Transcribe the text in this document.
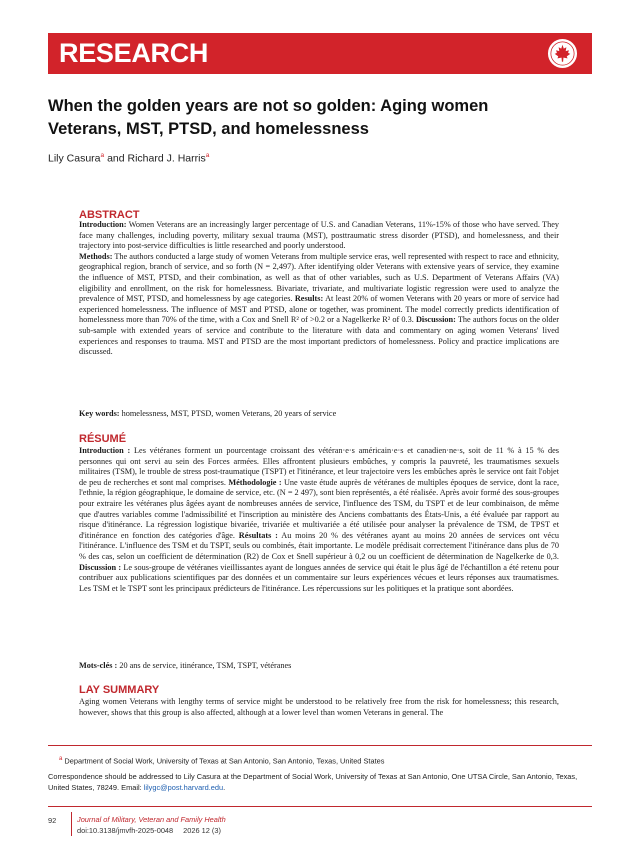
RESEARCH
When the golden years are not so golden: Aging women Veterans, MST, PTSD, and homelessness
Lily Casura$^a$ and Richard J. Harris$^a$
ABSTRACT

Introduction: Women Veterans are an increasingly larger percentage of U.S. and Canadian Veterans, 11%-15% of those who have served. They face many challenges, including poverty, military sexual trauma (MST), posttraumatic stress disorder (PTSD), and homelessness, and their trajectory into post-service difficulties is little researched and poorly understood.
Methods: The authors conducted a large study of women Veterans from multiple service eras, well represented with respect to race and ethnicity, geographical region, branch of service, and so forth (N = 2,497). After identifying older Veterans with extensive years of service, they examine the influence of MST, PTSD, and their combination, as well as that of other variables, such as U.S. Department of Veterans Affairs (VA) eligibility and enrollment, on the risk for homelessness. Bivariate, trivariate, and multivariate logistic regression were used to analyze the prevalence of MST, PTSD, and homelessness by age categories. Results: At least 20% of women Veterans with 20 years or more of service had experienced homelessness. The influence of MST and PTSD, alone or together, was prominent. The model correctly predicts identification of homelessness more than 70% of the time, with a Cox and Snell R² of >0.2 or a Nagelkerke R² of 0.3. Discussion: The authors focus on the older sub-sample with extended years of service and contribute to the literature with data and commentary on aging women Veterans' lived experiences and responses to trauma. MST and PTSD are the most important predictors of homelessness. Policy and practice implications are discussed.

Key words: homelessness, MST, PTSD, women Veterans, 20 years of service
RÉSUMÉ

Introduction : Les vétéranes forment un pourcentage croissant des vétéran·e·s américain·e·s et canadien·ne·s, soit de 11 % à 15 % des personnes qui ont servi au sein des Forces armées. Elles affrontent plusieurs embûches, y compris la pauvreté, les traumatismes sexuels militaires (TSM), le trouble de stress post-traumatique (TSPT) et l'itinérance, et leur trajectoire vers les embûches après le service ont fait l'objet de peu de recherches et sont mal comprises. Méthodologie : Une vaste étude auprès de vétéranes de multiples époques de service, dont la race, l'ethnie, la région géographique, le domaine de service, etc. (N = 2 497), sont bien représentés, a été réalisée. Après avoir formé des sous-groupes pour extraire les vétéranes plus âgées ayant de nombreuses années de service, l'influence des TSM, du TSPT et de leur combinaison, de même que d'autres variables comme l'admissibilité et l'inscription au ministère des Anciens combattants des États-Unis, a été évaluée par rapport au risque d'itinérance. La régression logistique bivariée, trivariée et multivariée a été utilisée pour analyser la prévalence de TSM, de TPST et d'itinérance en fonction des catégories d'âge. Résultats : Au moins 20 % des vétéranes ayant au moins 20 années de services ont vécu l'itinérance. L'influence des TSM et du TSPT, seuls ou combinés, était importante. Le modèle prédisait correctement l'itinérance dans plus de 70 % des cas, selon un coefficient de détermination (R2) de Cox et Snell supérieur à 0,2 ou un coefficient de détermination de Nagelkerke de 0,3. Discussion : Le sous-groupe de vétéranes vieillissantes ayant de longues années de service qui était le plus âgé de l'échantillon a été retenu pour contribuer aux publications scientifiques par des données et un commentaire sur leurs expériences vécues et leurs réponses aux traumatismes. Les TSM et le TSPT sont les principaux prédicteurs de l'itinérance. Les répercussions sur les politiques et la pratique sont abordées.

Mots-clés : 20 ans de service, itinérance, TSM, TSPT, vétéranes
LAY SUMMARY

Aging women Veterans with lengthy terms of service might be understood to be relatively free from the risk for homelessness; this research, however, shows that this group is also affected, although at a lower level than women Veterans in general. The

$^a$ Department of Social Work, University of Texas at San Antonio, San Antonio, Texas, United States
Correspondence should be addressed to Lily Casura at the Department of Social Work, University of Texas at San Antonio, One UTSA Circle, San Antonio, Texas, United States, 78249. Email: lilygc@post.harvard.edu.
92	Journal of Military, Veteran and Family Health
doi:10.3138/jmvfh-2025-0048 2026 12 (3)
